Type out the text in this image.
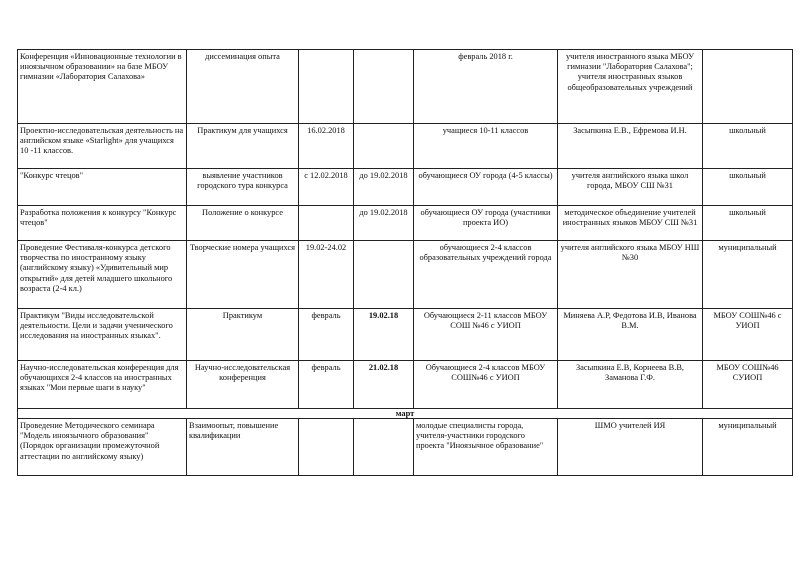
Конференция «Инновационные технологии в иноязычном образовании» на базе МБОУ гимназии «Лаборатория Салахова»	диссеминация опыта			февраль 2018 г.	учителя иностранного языка МБОУ гимназии "Лаборатория Салахова"; учителя иностранных языков общеобразовательных учреждений	
Проектно-исследовательская деятельность на английском языке «Starlight» для учащихся 10 -11 классов.	Практикум для учащихся	16.02.2018		учащиеся 10-11 классов	Засыпкина Е.В., Ефремова И.Н.	школьный
"Конкурс чтецов"	выявление участников городского тура конкурса	с 12.02.2018	до 19.02.2018	обучающиеся ОУ города (4-5 классы)	учителя английского языка школ города, МБОУ СШ №31	школьный
Разработка положения к конкурсу "Конкурс чтецов"	Положение о конкурсе		до 19.02.2018	обучающиеся ОУ города (участники проекта ИО)	методическое объединение учителей иностранных языков МБОУ СШ №31	школьный
Проведение Фестиваля-конкурса детского творчества по иностранному языку (английскому языку) «Удивительный мир открытий» для детей младшего школьного возраста (2-4 кл.)	Творческие номера учащихся	19.02-24.02		обучающиеся 2-4 классов образовательных учреждений города	учителя английского языка МБОУ НШ №30	муниципальный
Практикум "Виды исследовательской деятельности. Цели и задачи ученического исследования на иностранных языках".	Практикум	февраль	19.02.18	Обучающиеся 2-11 классов МБОУ СОШ №46 с УИОП	Миняева А.Р, Федотова И.В, Иванова В.М.	МБОУ СОШ№46 с УИОП
Научно-исследовательская конференция для обучающихся 2-4 классов на иностранных языках "Мои первые шаги в науку"	Научно-исследовательская конференция	февраль	21.02.18	Обучающиеся 2-4 классов МБОУ СОШ№46 с УИОП	Засыпкина Е.В, Корнеева В.В, Заманова Г.Ф.	МБОУ СОШ№46 СУИОП
март						
Проведение Методического семинара "Модель иноязычного образования" (Порядок организации промежуточной аттестации по английскому языку)	Взаимоопыт, повышение квалификации			молодые специалисты города, учителя-участники городского проекта "Иноязычное образование"	ШМО учителей ИЯ	муниципальный
